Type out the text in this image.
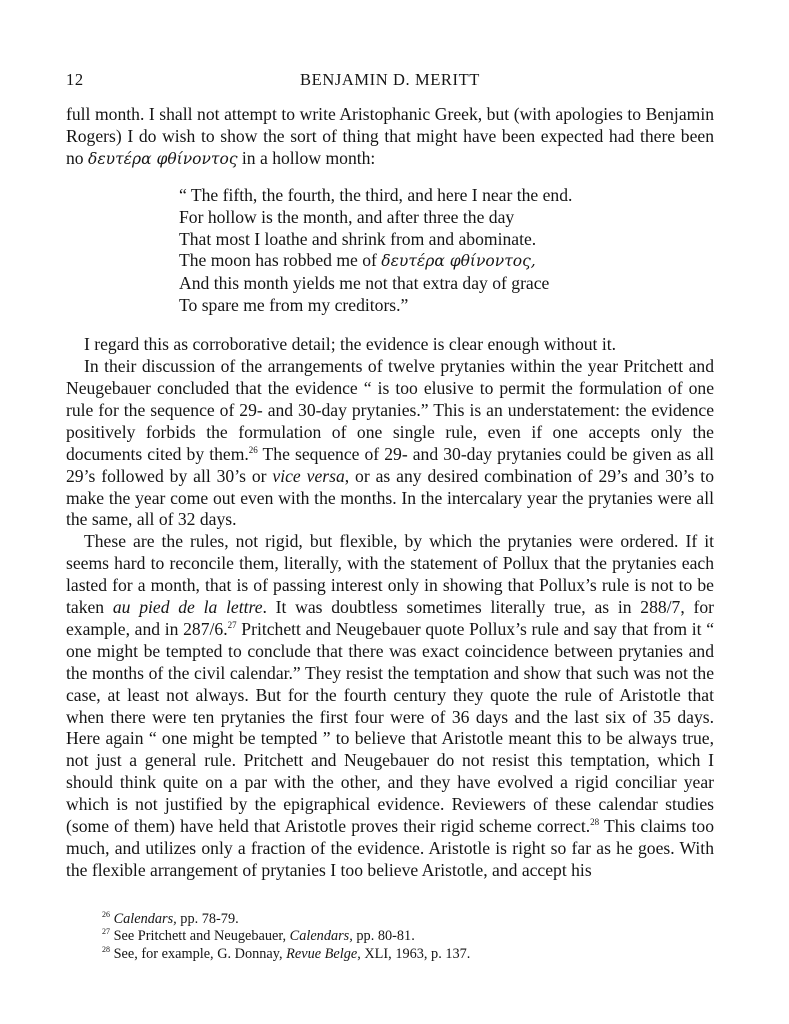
12	BENJAMIN D. MERITT

full month. I shall not attempt to write Aristophanic Greek, but (with apologies to Benjamin Rogers) I do wish to show the sort of thing that might have been expected had there been no δευτέρα φθίνοντος in a hollow month:

“ The fifth, the fourth, the third, and here I near the end.
For hollow is the month, and after three the day
That most I loathe and shrink from and abominate.
The moon has robbed me of δευτέρα φθίνοντος,
And this month yields me not that extra day of grace
To spare me from my creditors.”

I regard this as corroborative detail; the evidence is clear enough without it.

In their discussion of the arrangements of twelve prytanies within the year Pritchett and Neugebauer concluded that the evidence “ is too elusive to permit the formulation of one rule for the sequence of 29- and 30-day prytanies.” This is an understatement: the evidence positively forbids the formulation of one single rule, even if one accepts only the documents cited by them.$^{26}$ The sequence of 29- and 30-day prytanies could be given as all 29’s followed by all 30’s or vice versa, or as any desired combination of 29’s and 30’s to make the year come out even with the months. In the intercalary year the prytanies were all the same, all of 32 days.

These are the rules, not rigid, but flexible, by which the prytanies were ordered. If it seems hard to reconcile them, literally, with the statement of Pollux that the prytanies each lasted for a month, that is of passing interest only in showing that Pollux’s rule is not to be taken au pied de la lettre. It was doubtless sometimes literally true, as in 288/7, for example, and in 287/6.27 Pritchett and Neugebauer quote Pollux’s rule and say that from it “ one might be tempted to conclude that there was exact coincidence between prytanies and the months of the civil calendar.” They resist the temptation and show that such was not the case, at least not always. But for the fourth century they quote the rule of Aristotle that when there were ten prytanies the first four were of 36 days and the last six of 35 days. Here again “ one might be tempted ” to believe that Aristotle meant this to be always true, not just a general rule. Pritchett and Neugebauer do not resist this temptation, which I should think quite on a par with the other, and they have evolved a rigid conciliar year which is not justified by the epigraphical evidence. Reviewers of these calendar studies (some of them) have held that Aristotle proves their rigid scheme correct.$^{28}$ This claims too much, and utilizes only a fraction of the evidence. Aristotle is right so far as he goes. With the flexible arrangement of prytanies I too believe Aristotle, and accept his

$^{26}$ Calendars, pp. 78-79.
$^{27}$ See Pritchett and Neugebauer, Calendars, pp. 80-81.
$^{28}$ See, for example, G. Donnay, Revue Belge, XLI, 1963, p. 137.
